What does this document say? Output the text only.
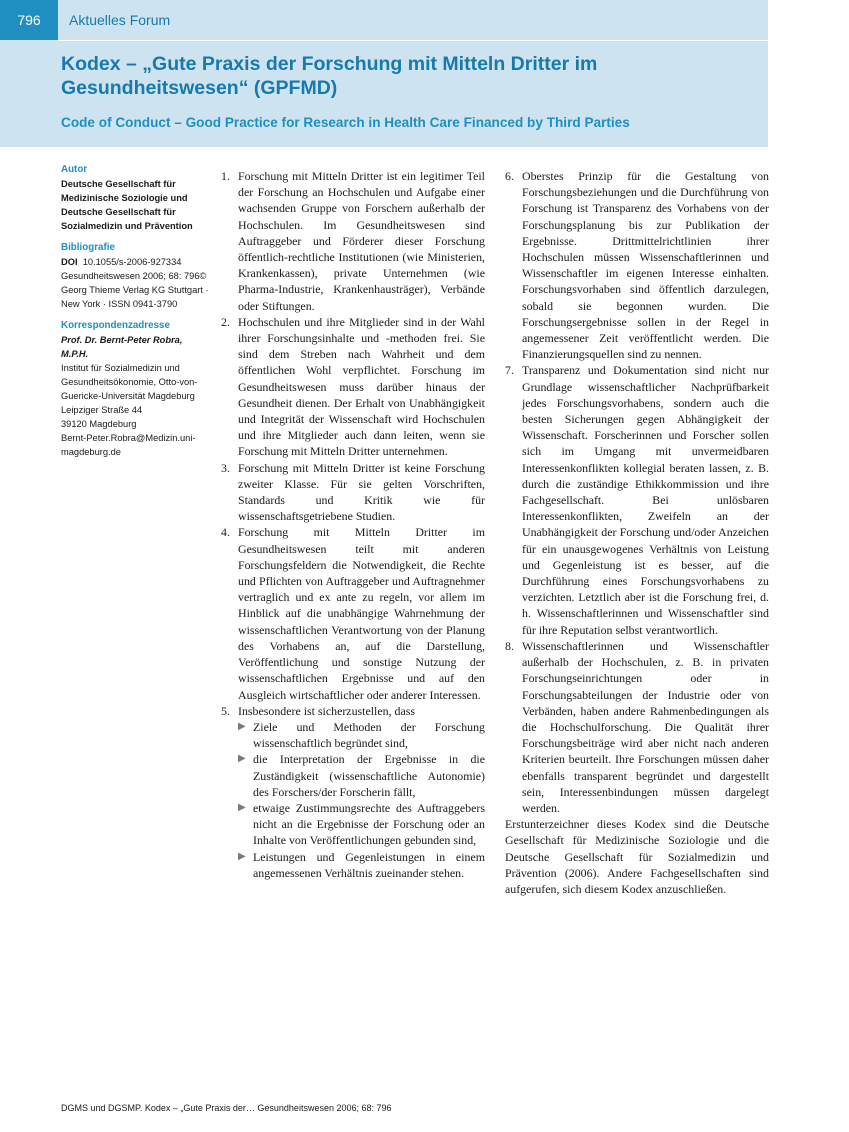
796	Aktuelles Forum
Kodex – „Gute Praxis der Forschung mit Mitteln Dritter im Gesundheitswesen“ (GPFMD)
Code of Conduct – Good Practice for Research in Health Care Financed by Third Parties
Autor
Deutsche Gesellschaft für Medizinische Soziologie und Deutsche Gesellschaft für Sozialmedizin und Prävention
Bibliografie
DOI 10.1055/s-2006-927334
Gesundheitswesen 2006; 68: 796© Georg Thieme Verlag KG Stuttgart · New York · ISSN 0941-3790
Korrespondenzadresse
Prof. Dr. Bernt-Peter Robra, M.P.H.
Institut für Sozialmedizin und Gesundheitsökonomie, Otto-von-Guericke-Universität Magdeburg
Leipziger Straße 44
39120 Magdeburg
Bernt-Peter.Robra@Medizin.uni-magdeburg.de
1. Forschung mit Mitteln Dritter ist ein legitimer Teil der Forschung an Hochschulen und Aufgabe einer wachsenden Gruppe von Forschern außerhalb der Hochschulen. Im Gesundheitswesen sind Auftraggeber und Förderer dieser Forschung öffentlich-rechtliche Institutionen (wie Ministerien, Krankenkassen), private Unternehmen (wie Pharma-Industrie, Krankenhausträger), Verbände oder Stiftungen.
2. Hochschulen und ihre Mitglieder sind in der Wahl ihrer Forschungsinhalte und -methoden frei. Sie sind dem Streben nach Wahrheit und dem öffentlichen Wohl verpflichtet. Forschung im Gesundheitswesen muss darüber hinaus der Gesundheit dienen. Der Erhalt von Unabhängigkeit und Integrität der Wissenschaft wird Hochschulen und ihre Mitglieder auch dann leiten, wenn sie Forschung mit Mitteln Dritter unternehmen.
3. Forschung mit Mitteln Dritter ist keine Forschung zweiter Klasse. Für sie gelten Vorschriften, Standards und Kritik wie für wissenschaftsgetriebene Studien.
4. Forschung mit Mitteln Dritter im Gesundheitswesen teilt mit anderen Forschungsfeldern die Notwendigkeit, die Rechte und Pflichten von Auftraggeber und Auftragnehmer vertraglich und ex ante zu regeln, vor allem im Hinblick auf die unabhängige Wahrnehmung der wissenschaftlichen Verantwortung von der Planung des Vorhabens an, auf die Darstellung, Veröffentlichung und sonstige Nutzung der wissenschaftlichen Ergebnisse und auf den Ausgleich wirtschaftlicher oder anderer Interessen.
5. Insbesondere ist sicherzustellen, dass
▶ Ziele und Methoden der Forschung wissenschaftlich begründet sind,
▶ die Interpretation der Ergebnisse in die Zuständigkeit (wissenschaftliche Autonomie) des Forschers/der Forscherin fällt,
▶ etwaige Zustimmungsrechte des Auftraggebers nicht an die Ergebnisse der Forschung oder an Inhalte von Veröffentlichungen gebunden sind,
▶ Leistungen und Gegenleistungen in einem angemessenen Verhältnis zueinander stehen.
6. Oberstes Prinzip für die Gestaltung von Forschungsbeziehungen und die Durchführung von Forschung ist Transparenz des Vorhabens von der Forschungsplanung bis zur Publikation der Ergebnisse. Drittmittelrichtlinien ihrer Hochschulen müssen Wissenschaftlerinnen und Wissenschaftler im eigenen Interesse einhalten. Forschungsvorhaben sind öffentlich darzulegen, sobald sie begonnen wurden. Die Forschungsergebnisse sollen in der Regel in angemessener Zeit veröffentlicht werden. Die Finanzierungsquellen sind zu nennen.
7. Transparenz und Dokumentation sind nicht nur Grundlage wissenschaftlicher Nachprüfbarkeit jedes Forschungsvorhabens, sondern auch die besten Sicherungen gegen Abhängigkeit der Wissenschaft. Forscherinnen und Forscher sollen sich im Umgang mit unvermeidbaren Interessenkonflikten kollegial beraten lassen, z. B. durch die zuständige Ethikkommission und ihre Fachgesellschaft. Bei unlösbaren Interessenkonflikten, Zweifeln an der Unabhängigkeit der Forschung und/oder Anzeichen für ein unausgewogenes Verhältnis von Leistung und Gegenleistung ist es besser, auf die Durchführung eines Forschungsvorhabens zu verzichten. Letztlich aber ist die Forschung frei, d. h. Wissenschaftlerinnen und Wissenschaftler sind für ihre Reputation selbst verantwortlich.
8. Wissenschaftlerinnen und Wissenschaftler außerhalb der Hochschulen, z. B. in privaten Forschungseinrichtungen oder in Forschungsabteilungen der Industrie oder von Verbänden, haben andere Rahmenbedingungen als die Hochschulforschung. Die Qualität ihrer Forschungsbeiträge wird aber nicht nach anderen Kriterien beurteilt. Ihre Forschungen müssen daher ebenfalls transparent begründet und dargestellt sein, Interessenbindungen müssen dargelegt werden.

Erstunterzeichner dieses Kodex sind die Deutsche Gesellschaft für Medizinische Soziologie und die Deutsche Gesellschaft für Sozialmedizin und Prävention (2006). Andere Fachgesellschaften sind aufgerufen, sich diesem Kodex anzuschließen.

DGMS und DGSMP. Kodex – „Gute Praxis der… Gesundheitswesen 2006; 68: 796
